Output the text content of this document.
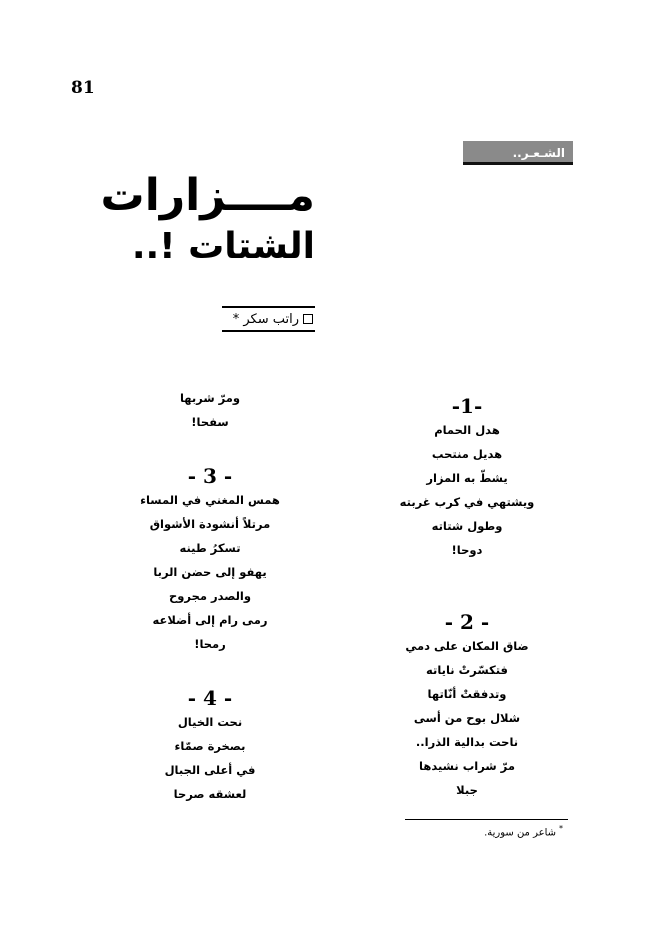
81
الشـعـر..
مــــزارات
الشتات !..
راتب سكر *
-1-
هدل الحمام
هديل منتحب
يشطّ به المزار
ويشتهي في كرب غربته
وطول شتاته
دوحا!
- 2 -
ضاق المكان على دمي
فتكسّرتْ ناياته
وتدفقتْ أنّاتها
شلال بوح من أسى
ناحت بدالية الذرا..
مرّ شراب نشيدها
جبلا
ومرّ شربها
سفحا!
- 3 -
همس المغني في المساء
مرتلاً أنشودة الأشواق
تسكرُ طينه
يهفو إلى حضن الربا
والصدر مجروح
رمى رام إلى أضلاعه
رمحا!
- 4 -
نحت الخيال
بصخرة صمّاء
في أعلى الجبال
لعشقه صرحا
*شاعر من سورية.
